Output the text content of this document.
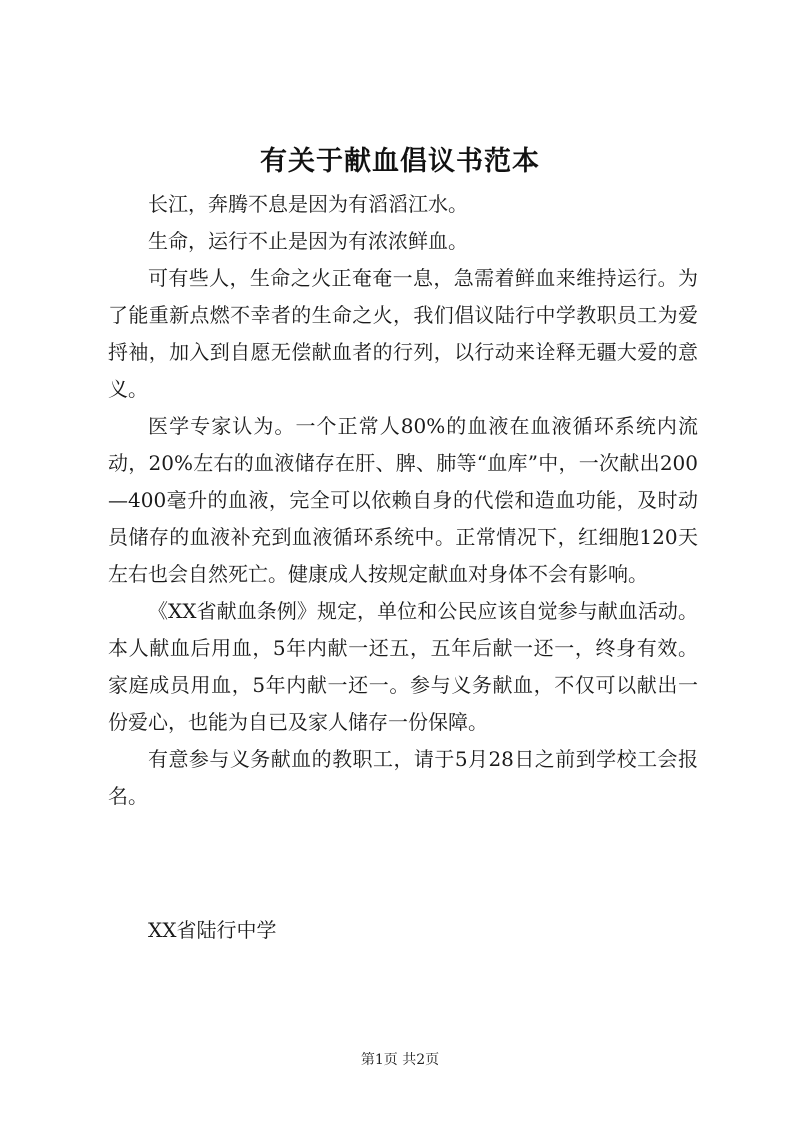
有关于献血倡议书范本

长江，奔腾不息是因为有滔滔江水。

生命，运行不止是因为有浓浓鲜血。

可有些人，生命之火正奄奄一息，急需着鲜血来维持运行。为了能重新点燃不幸者的生命之火，我们倡议陆行中学教职员工为爱捋袖，加入到自愿无偿献血者的行列，以行动来诠释无疆大爱的意义。

医学专家认为。一个正常人80%的血液在血液循环系统内流动，20%左右的血液储存在肝、脾、肺等“血库”中，一次献出200—400毫升的血液，完全可以依赖自身的代偿和造血功能，及时动员储存的血液补充到血液循环系统中。正常情况下，红细胞120天左右也会自然死亡。健康成人按规定献血对身体不会有影响。

《XX省献血条例》规定，单位和公民应该自觉参与献血活动。本人献血后用血，5年内献一还五，五年后献一还一，终身有效。家庭成员用血，5年内献一还一。参与义务献血，不仅可以献出一份爱心，也能为自已及家人储存一份保障。

有意参与义务献血的教职工，请于5月28日之前到学校工会报名。

XX省陆行中学
第1页 共2页
